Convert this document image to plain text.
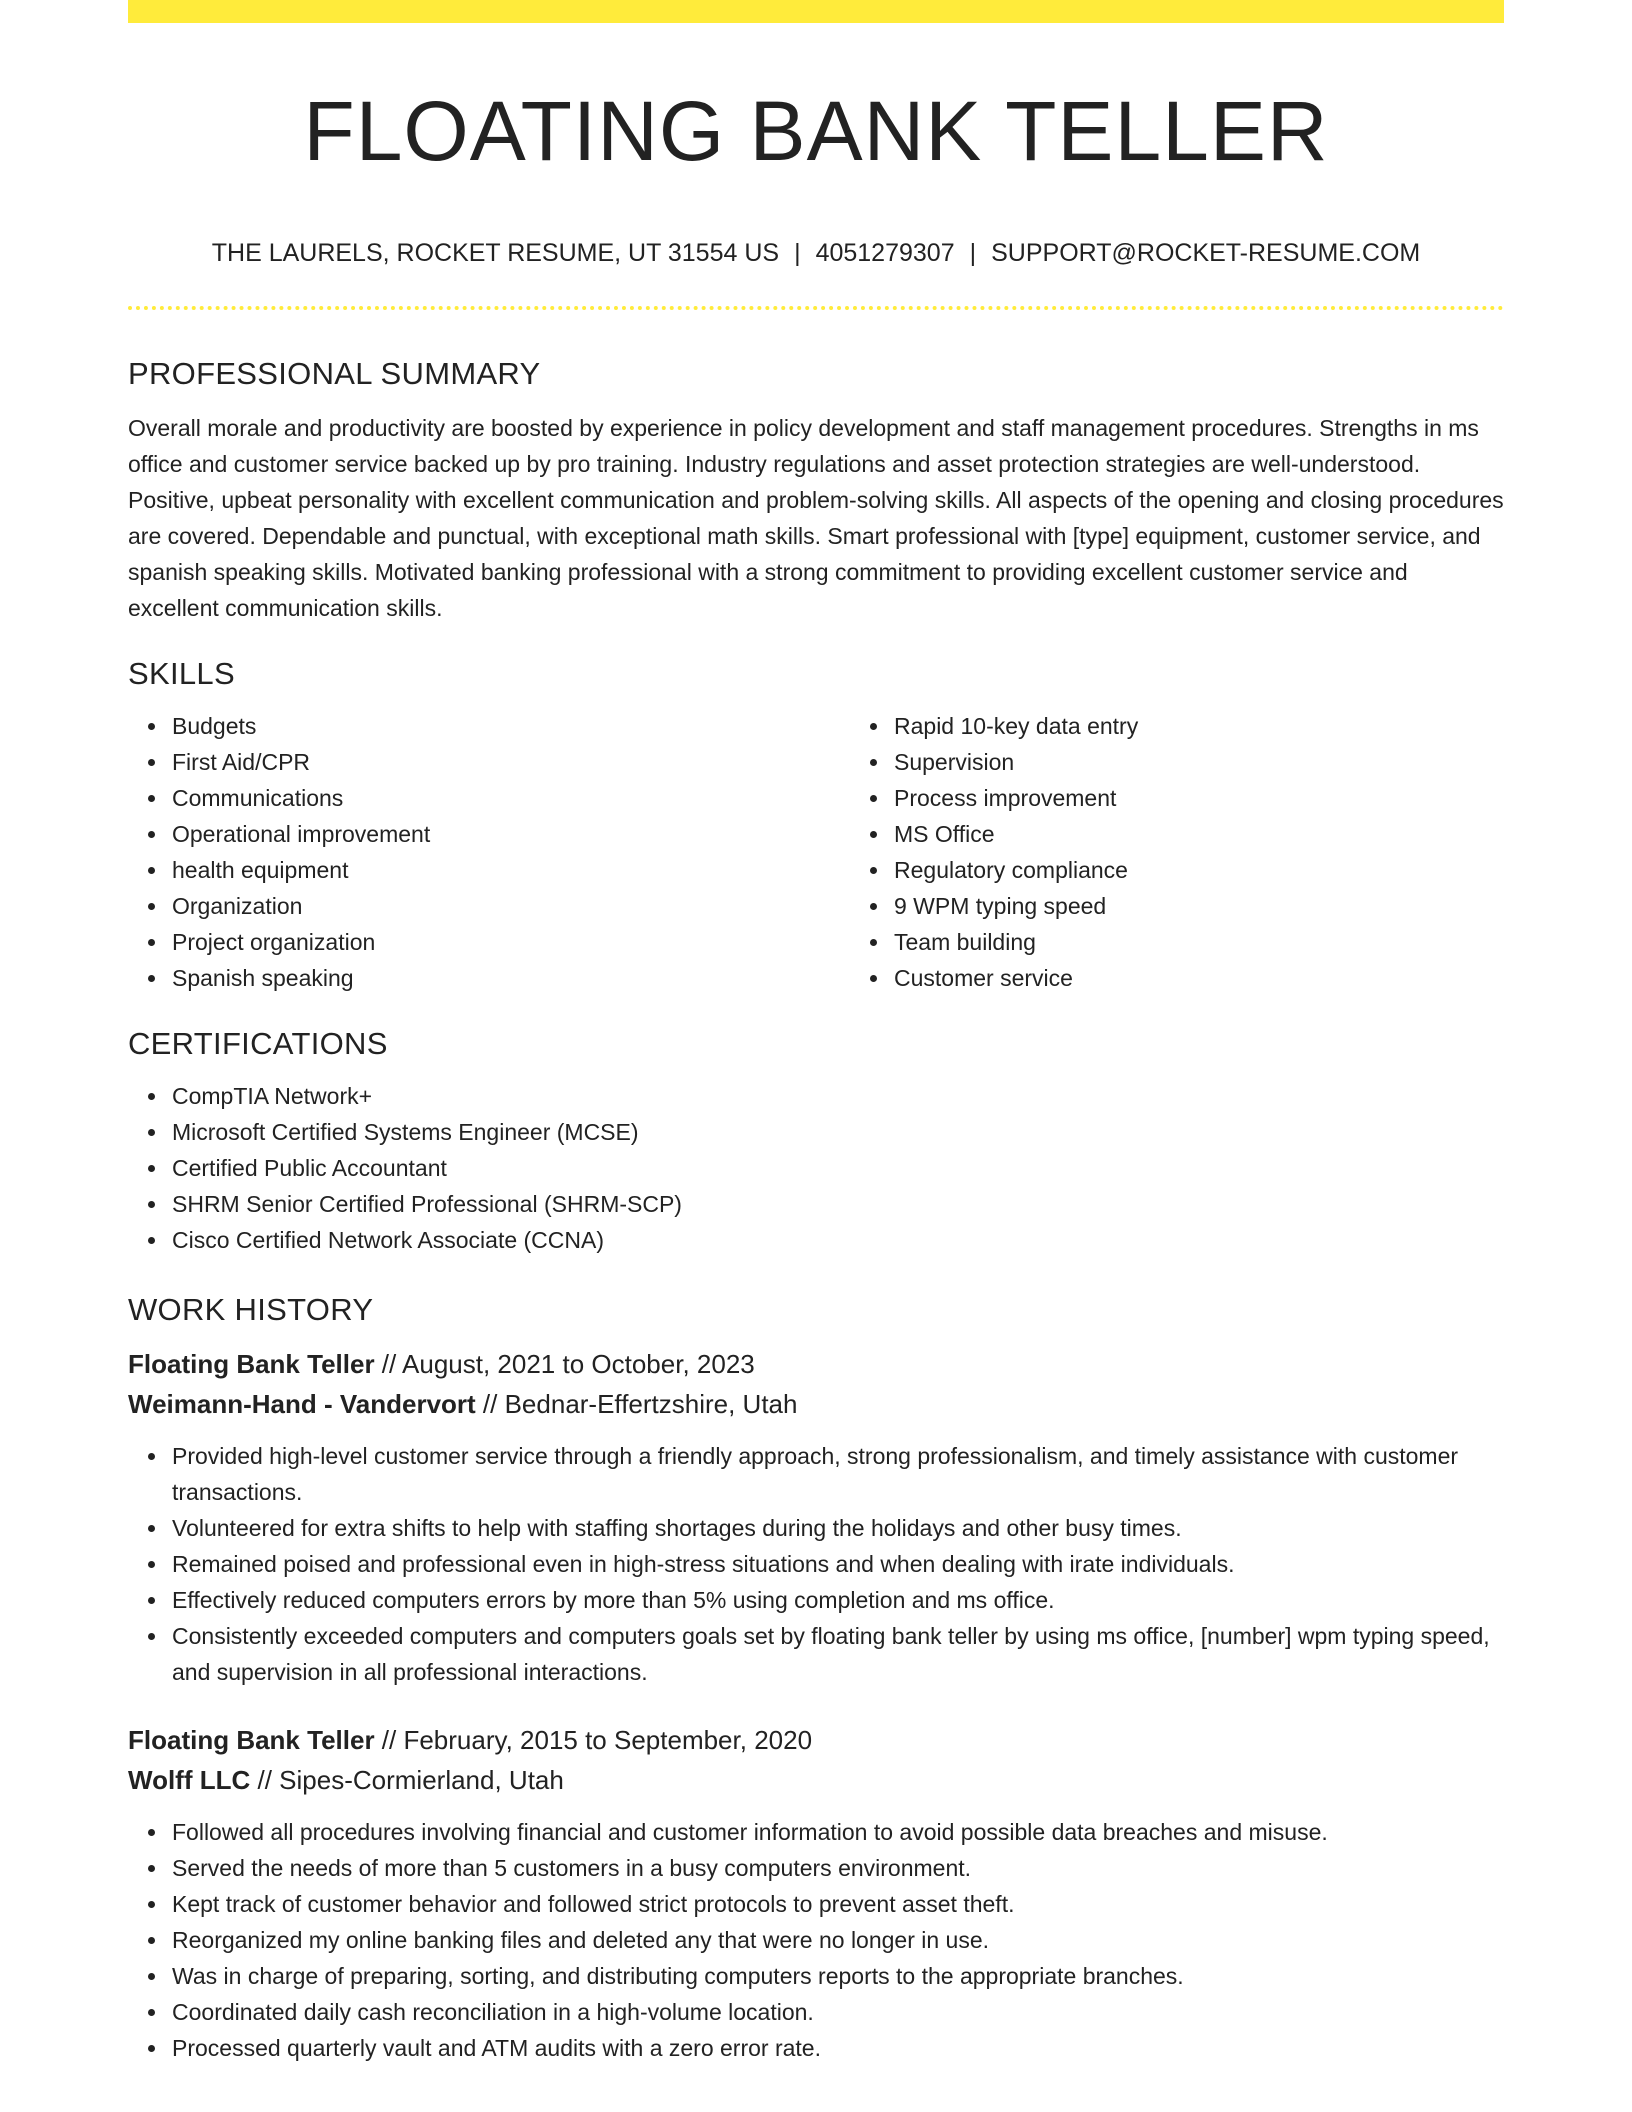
FLOATING BANK TELLER
THE LAURELS, ROCKET RESUME, UT 31554 US | 4051279307 | SUPPORT@ROCKET-RESUME.COM
PROFESSIONAL SUMMARY

Overall morale and productivity are boosted by experience in policy development and staff management procedures. Strengths in ms office and customer service backed up by pro training. Industry regulations and asset protection strategies are well-understood. Positive, upbeat personality with excellent communication and problem-solving skills. All aspects of the opening and closing procedures are covered. Dependable and punctual, with exceptional math skills. Smart professional with [type] equipment, customer service, and spanish speaking skills. Motivated banking professional with a strong commitment to providing excellent customer service and excellent communication skills.

SKILLS
Budgets
First Aid/CPR
Communications
Operational improvement
health equipment
Organization
Project organization
Spanish speaking
Rapid 10-key data entry
Supervision
Process improvement
MS Office
Regulatory compliance
9 WPM typing speed
Team building
Customer service
CERTIFICATIONS
CompTIA Network+
Microsoft Certified Systems Engineer (MCSE)
Certified Public Accountant
SHRM Senior Certified Professional (SHRM-SCP)
Cisco Certified Network Associate (CCNA)
WORK HISTORY
Floating Bank Teller // August, 2021 to October, 2023
Weimann-Hand - Vandervort // Bednar-Effertzshire, Utah
Provided high-level customer service through a friendly approach, strong professionalism, and timely assistance with customer transactions.
Volunteered for extra shifts to help with staffing shortages during the holidays and other busy times.
Remained poised and professional even in high-stress situations and when dealing with irate individuals.
Effectively reduced computers errors by more than 5% using completion and ms office.
Consistently exceeded computers and computers goals set by floating bank teller by using ms office, [number] wpm typing speed, and supervision in all professional interactions.
Floating Bank Teller // February, 2015 to September, 2020
Wolff LLC // Sipes-Cormierland, Utah
Followed all procedures involving financial and customer information to avoid possible data breaches and misuse.
Served the needs of more than 5 customers in a busy computers environment.
Kept track of customer behavior and followed strict protocols to prevent asset theft.
Reorganized my online banking files and deleted any that were no longer in use.
Was in charge of preparing, sorting, and distributing computers reports to the appropriate branches.
Coordinated daily cash reconciliation in a high-volume location.
Processed quarterly vault and ATM audits with a zero error rate.
